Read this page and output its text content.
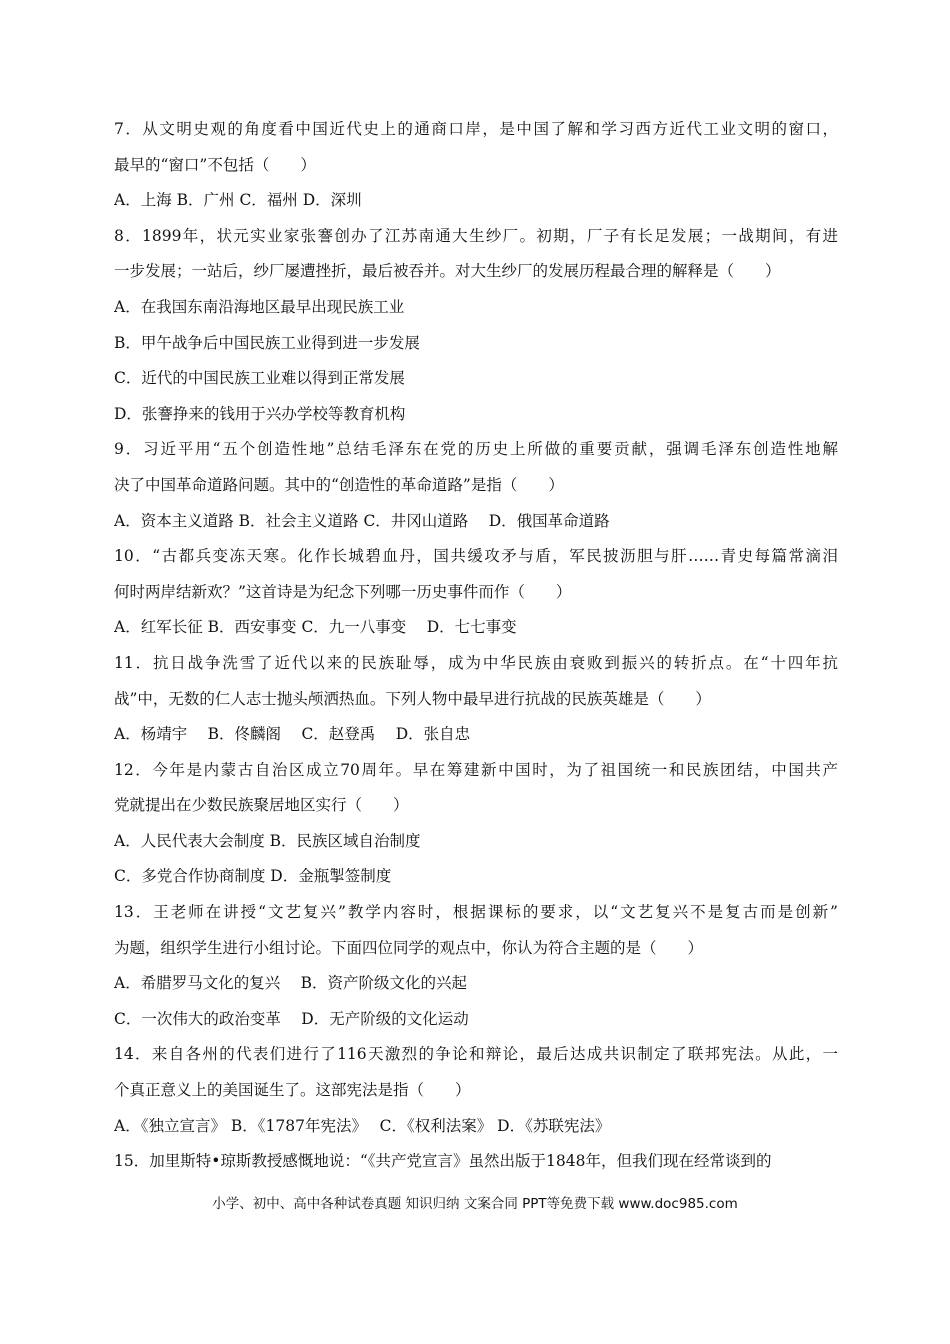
7．从文明史观的角度看中国近代史上的通商口岸，是中国了解和学习西方近代工业文明的窗口，
最早的“窗口”不包括（　　）
A．上海 B．广州 C．福州 D．深圳
8．1899年，状元实业家张謇创办了江苏南通大生纱厂。初期，厂子有长足发展；一战期间，有进
一步发展；一站后，纱厂屡遭挫折，最后被吞并。对大生纱厂的发展历程最合理的解释是（　　）
A．在我国东南沿海地区最早出现民族工业
B．甲午战争后中国民族工业得到进一步发展
C．近代的中国民族工业难以得到正常发展
D．张謇挣来的钱用于兴办学校等教育机构
9．习近平用“五个创造性地”总结毛泽东在党的历史上所做的重要贡献，强调毛泽东创造性地解
决了中国革命道路问题。其中的“创造性的革命道路”是指（　　）
A．资本主义道路 B．社会主义道路 C．井冈山道路　 D．俄国革命道路
10．“古都兵变冻天寒。化作长城碧血丹，国共缓攻矛与盾，军民披沥胆与肝……青史每篇常滴泪
何时两岸结新欢？”这首诗是为纪念下列哪一历史事件而作（　　）
A．红军长征 B．西安事变 C．九一八事变　 D．七七事变
11．抗日战争洗雪了近代以来的民族耻辱，成为中华民族由衰败到振兴的转折点。在“十四年抗
战”中，无数的仁人志士抛头颅洒热血。下列人物中最早进行抗战的民族英雄是（　　）
A．杨靖宇　 B．佟麟阁　 C．赵登禹　 D．张自忠
12．今年是内蒙古自治区成立70周年。早在筹建新中国时，为了祖国统一和民族团结，中国共产
党就提出在少数民族聚居地区实行（　　）
A．人民代表大会制度 B．民族区域自治制度
C．多党合作协商制度 D．金瓶掣签制度
13．王老师在讲授“文艺复兴”教学内容时，根据课标的要求，以“文艺复兴不是复古而是创新”
为题，组织学生进行小组讨论。下面四位同学的观点中，你认为符合主题的是（　　）
A．希腊罗马文化的复兴　 B．资产阶级文化的兴起
C．一次伟大的政治变革　 D．无产阶级的文化运动
14．来自各州的代表们进行了116天激烈的争论和辩论，最后达成共识制定了联邦宪法。从此，一
个真正意义上的美国诞生了。这部宪法是指（　　）
A．《独立宣言》 B．《1787年宪法》　 C．《权利法案》 D．《苏联宪法》
15．加里斯特•琼斯教授感慨地说：“《共产党宣言》虽然出版于1848年，但我们现在经常谈到的
小学、初中、高中各种试卷真题 知识归纳 文案合同 PPT等免费下载 www.doc985.com
